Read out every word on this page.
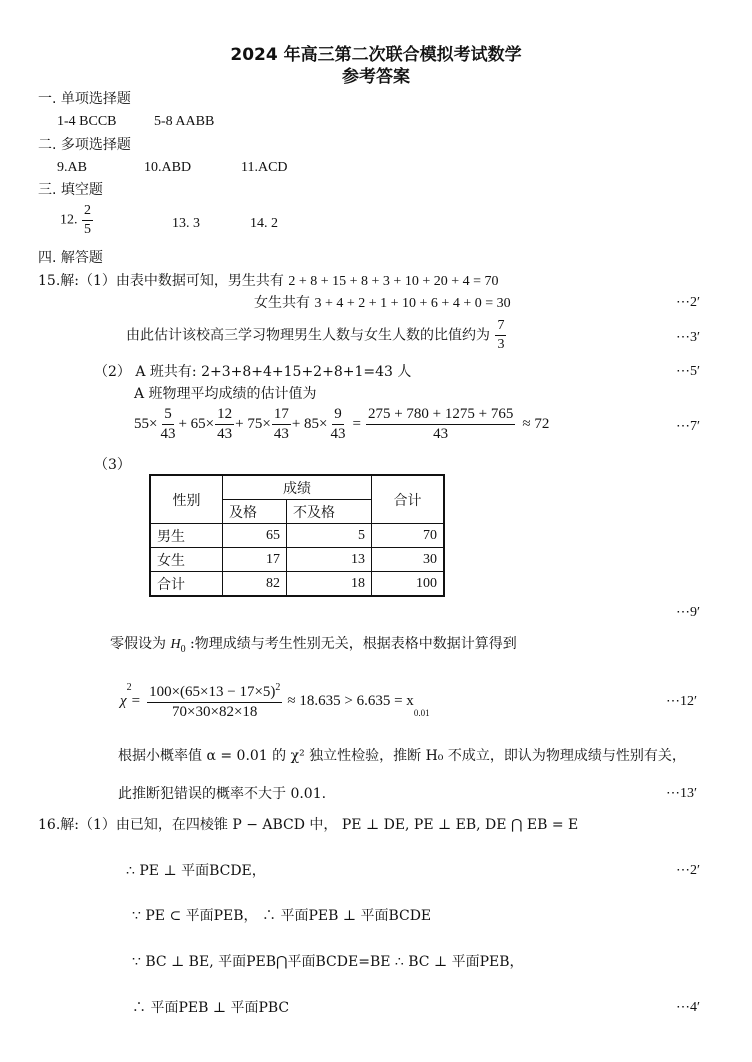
2024 年高三第二次联合模拟考试数学
参考答案
一. 单项选择题
1-4 BCCB	5-8 AABB
二. 多项选择题
9.AB	10.ABD	11.ACD
三. 填空题
12. $\frac{2}{5}$	13. 3	14. 2
四. 解答题
15.解:（1）由表中数据可知，男生共有 2 + 8 + 15 + 8 + 3 + 10 + 20 + 4 = 70
女生共有 3 + 4 + 2 + 1 + 10 + 6 + 4 + 0 = 30	⋯2′
由此估计该校高三学习物理男生人数与女生人数的比值约为 $\frac{7}{3}$	⋯3′
（2） A 班共有: 2+3+8+4+15+2+8+1=43 人	⋯5′
A 班物理平均成绩的估计值为
$55\times \frac{5}{43} + 65\times \frac{12}{43} + 75\times \frac{17}{43} + 85\times \frac{9}{43} = \frac{275 + 780 + 1275 + 765}{43} \approx 72$	⋯7′
（3）
性别	成绩		合计
	及格	不及格	
男生	65	5	70
女生	17	13	30
合计	82	18	100
⋯9′
零假设为 $H_0$ :物理成绩与考生性别无关，根据表格中数据计算得到
χ
2
= $\frac{100\times(65\times 13 - 17\times 5)^2}{70\times 30\times 82\times 18} \approx 18.635 > 6.635 = x$
0.01
⋯12′
根据小概率值 α = 0.01 的 χ² 独立性检验，推断 H₀ 不成立，即认为物理成绩与性别有关，
此推断犯错误的概率不大于 0.01.	⋯13′
16.解:（1）由已知，在四棱锥 P − ABCD 中， PE ⊥ DE, PE ⊥ EB, DE ⋂ EB = E
∴ PE ⊥ 平面BCDE，	⋯2′
∵ PE ⊂ 平面PEB， ∴ 平面PEB ⊥ 平面BCDE
∵ BC ⊥ BE, 平面PEB⋂平面BCDE=BE ∴ BC ⊥ 平面PEB，
∴ 平面PEB ⊥ 平面PBC	⋯4′
